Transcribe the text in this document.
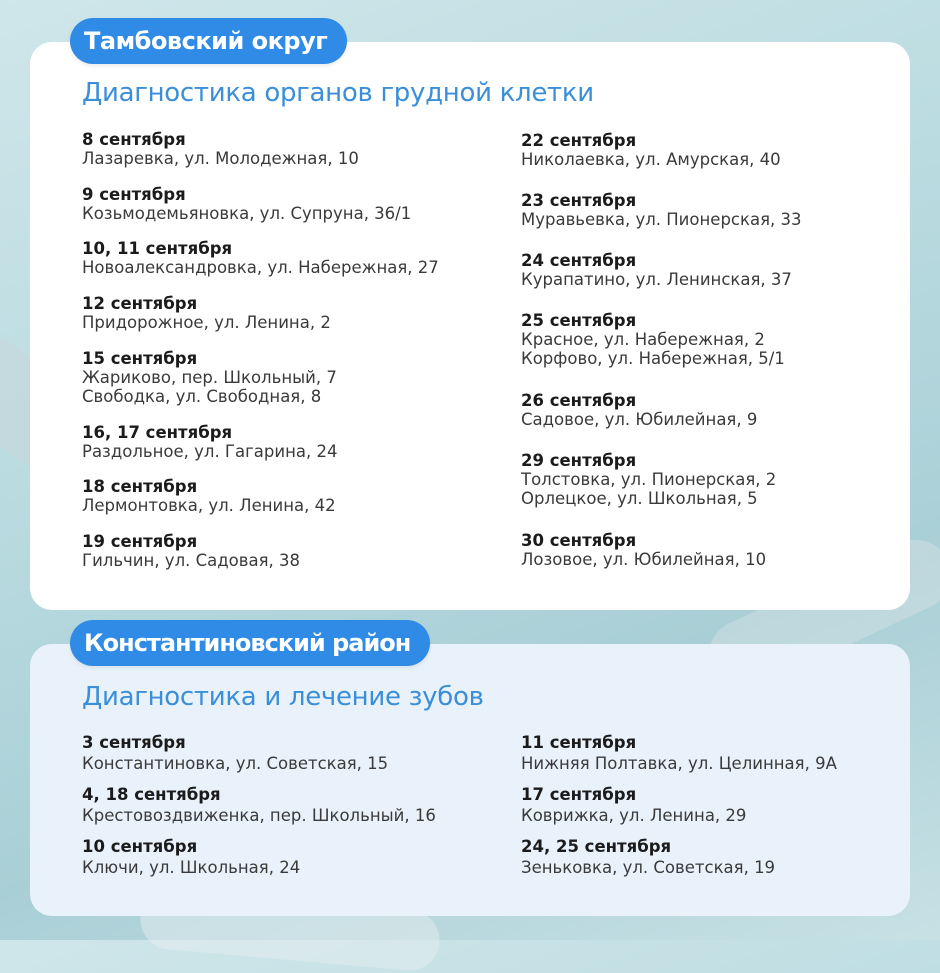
Тамбовский округ
Диагностика органов грудной клетки
8 сентября
Лазаревка, ул. Молодежная, 10
9 сентября
Козьмодемьяновка, ул. Супруна, 36/1
10, 11 сентября
Новоалександровка, ул. Набережная, 27
12 сентября
Придорожное, ул. Ленина, 2
15 сентября
Жариково, пер. Школьный, 7
Свободка, ул. Свободная, 8
16, 17 сентября
Раздольное, ул. Гагарина, 24
18 сентября
Лермонтовка, ул. Ленина, 42
19 сентября
Гильчин, ул. Садовая, 38
22 сентября
Николаевка, ул. Амурская, 40
23 сентября
Муравьевка, ул. Пионерская, 33
24 сентября
Курапатино, ул. Ленинская, 37
25 сентября
Красное, ул. Набережная, 2
Корфово, ул. Набережная, 5/1
26 сентября
Садовое, ул. Юбилейная, 9
29 сентября
Толстовка, ул. Пионерская, 2
Орлецкое, ул. Школьная, 5
30 сентября
Лозовое, ул. Юбилейная, 10
Константиновский район
Диагностика и лечение зубов
3 сентября
Константиновка, ул. Советская, 15
4, 18 сентября
Крестовоздвиженка, пер. Школьный, 16
10 сентября
Ключи, ул. Школьная, 24
11 сентября
Нижняя Полтавка, ул. Целинная, 9А
17 сентября
Коврижка, ул. Ленина, 29
24, 25 сентября
Зеньковка, ул. Советская, 19
